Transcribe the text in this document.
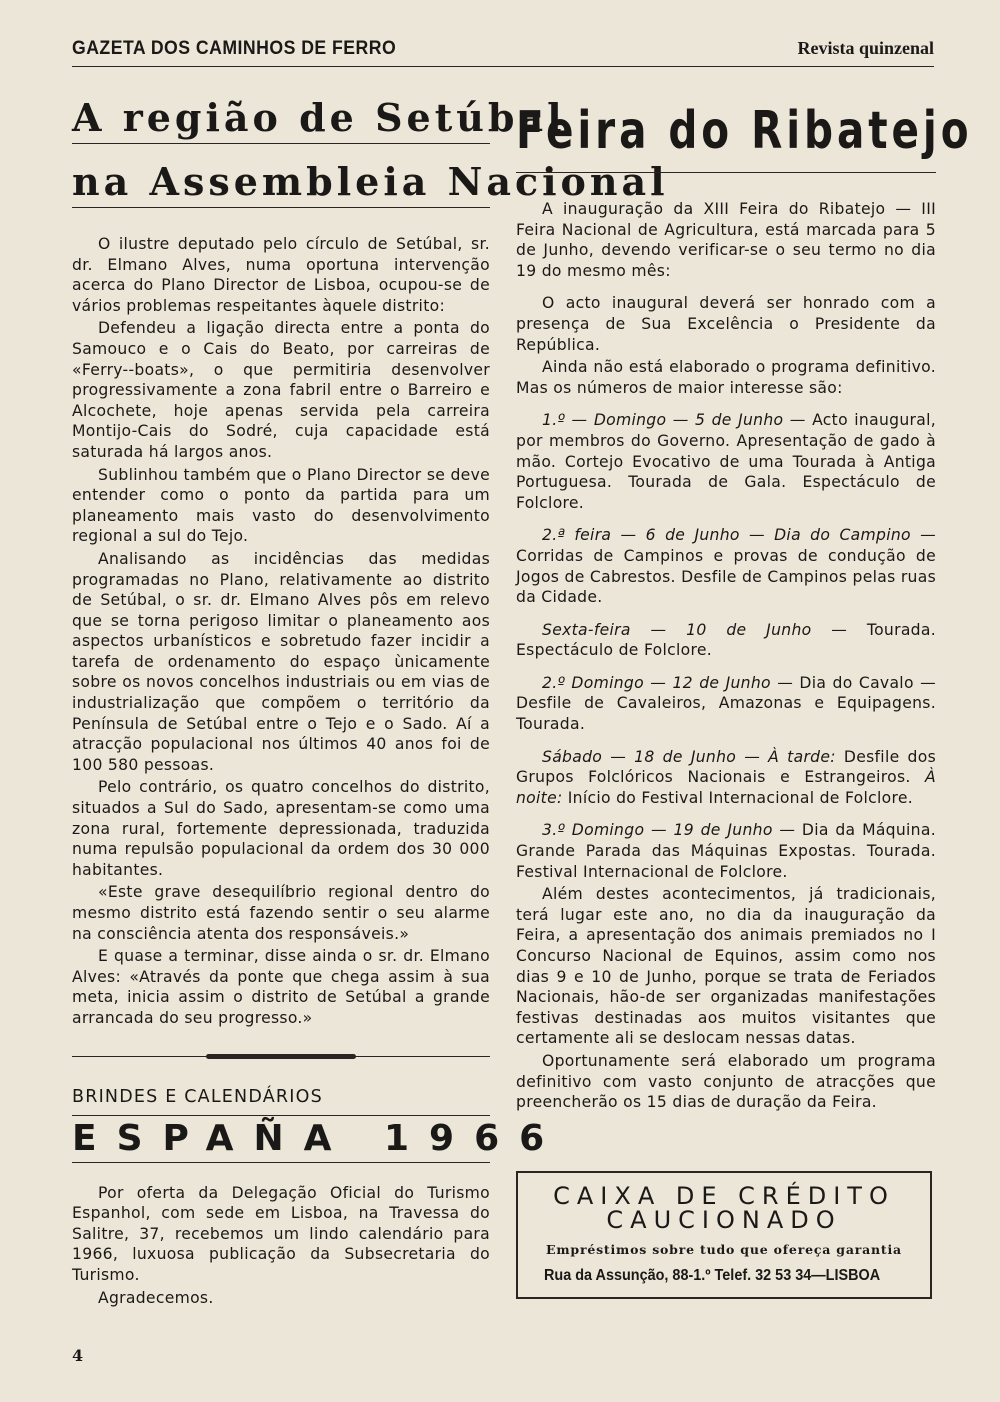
GAZETA DOS CAMINHOS DE FERRO	Revista quinzenal
A região de Setúbal
na Assembleia Nacional

O ilustre deputado pelo círculo de Setúbal, sr. dr. Elmano Alves, numa oportuna intervenção acerca do Plano Director de Lisboa, ocupou-se de vários problemas respeitantes àquele distrito:

Defendeu a ligação directa entre a ponta do Samouco e o Cais do Beato, por carreiras de «Ferry--boats», o que permitiria desenvolver progressivamente a zona fabril entre o Barreiro e Alcochete, hoje apenas servida pela carreira Montijo-Cais do Sodré, cuja capacidade está saturada há largos anos.

Sublinhou também que o Plano Director se deve entender como o ponto da partida para um planeamento mais vasto do desenvolvimento regional a sul do Tejo.

Analisando as incidências das medidas programadas no Plano, relativamente ao distrito de Setúbal, o sr. dr. Elmano Alves pôs em relevo que se torna perigoso limitar o planeamento aos aspectos urbanísticos e sobretudo fazer incidir a tarefa de ordenamento do espaço ùnicamente sobre os novos concelhos industriais ou em vias de industrialização que compõem o território da Península de Setúbal entre o Tejo e o Sado. Aí a atracção populacional nos últimos 40 anos foi de 100 580 pessoas.

Pelo contrário, os quatro concelhos do distrito, situados a Sul do Sado, apresentam-se como uma zona rural, fortemente depressionada, traduzida numa repulsão populacional da ordem dos 30 000 habitantes.

«Este grave desequilíbrio regional dentro do mesmo distrito está fazendo sentir o seu alarme na consciência atenta dos responsáveis.»

E quase a terminar, disse ainda o sr. dr. Elmano Alves: «Através da ponte que chega assim à sua meta, inicia assim o distrito de Setúbal a grande arrancada do seu progresso.»

BRINDES E CALENDÁRIOS
ESPAÑA 1966

Por oferta da Delegação Oficial do Turismo Espanhol, com sede em Lisboa, na Travessa do Salitre, 37, recebemos um lindo calendário para 1966, luxuosa publicação da Subsecretaria do Turismo.

Agradecemos.

Feira do Ribatejo

A inauguração da XIII Feira do Ribatejo — III Feira Nacional de Agricultura, está marcada para 5 de Junho, devendo verificar-se o seu termo no dia 19 do mesmo mês:

O acto inaugural deverá ser honrado com a presença de Sua Excelência o Presidente da República.

Ainda não está elaborado o programa definitivo. Mas os números de maior interesse são:

1.º — Domingo — 5 de Junho — Acto inaugural, por membros do Governo. Apresentação de gado à mão. Cortejo Evocativo de uma Tourada à Antiga Portuguesa. Tourada de Gala. Espectáculo de Folclore.

2.ª feira — 6 de Junho — Dia do Campino — Corridas de Campinos e provas de condução de Jogos de Cabrestos. Desfile de Campinos pelas ruas da Cidade.

Sexta-feira — 10 de Junho — Tourada. Espectáculo de Folclore.

2.º Domingo — 12 de Junho — Dia do Cavalo — Desfile de Cavaleiros, Amazonas e Equipagens. Tourada.

Sábado — 18 de Junho — À tarde: Desfile dos Grupos Folclóricos Nacionais e Estrangeiros. À noite: Início do Festival Internacional de Folclore.

3.º Domingo — 19 de Junho — Dia da Máquina. Grande Parada das Máquinas Expostas. Tourada. Festival Internacional de Folclore.

Além destes acontecimentos, já tradicionais, terá lugar este ano, no dia da inauguração da Feira, a apresentação dos animais premiados no I Concurso Nacional de Equinos, assim como nos dias 9 e 10 de Junho, porque se trata de Feriados Nacionais, hão-de ser organizadas manifestações festivas destinadas aos muitos visitantes que certamente ali se deslocam nessas datas.

Oportunamente será elaborado um programa definitivo com vasto conjunto de atracções que preencherão os 15 dias de duração da Feira.

CAIXA DE CRÉDITO
CAUCIONADO
Empréstimos sobre tudo que ofereça garantia
Rua da Assunção, 88-1.º Telef. 32 53 34—LISBOA
4
